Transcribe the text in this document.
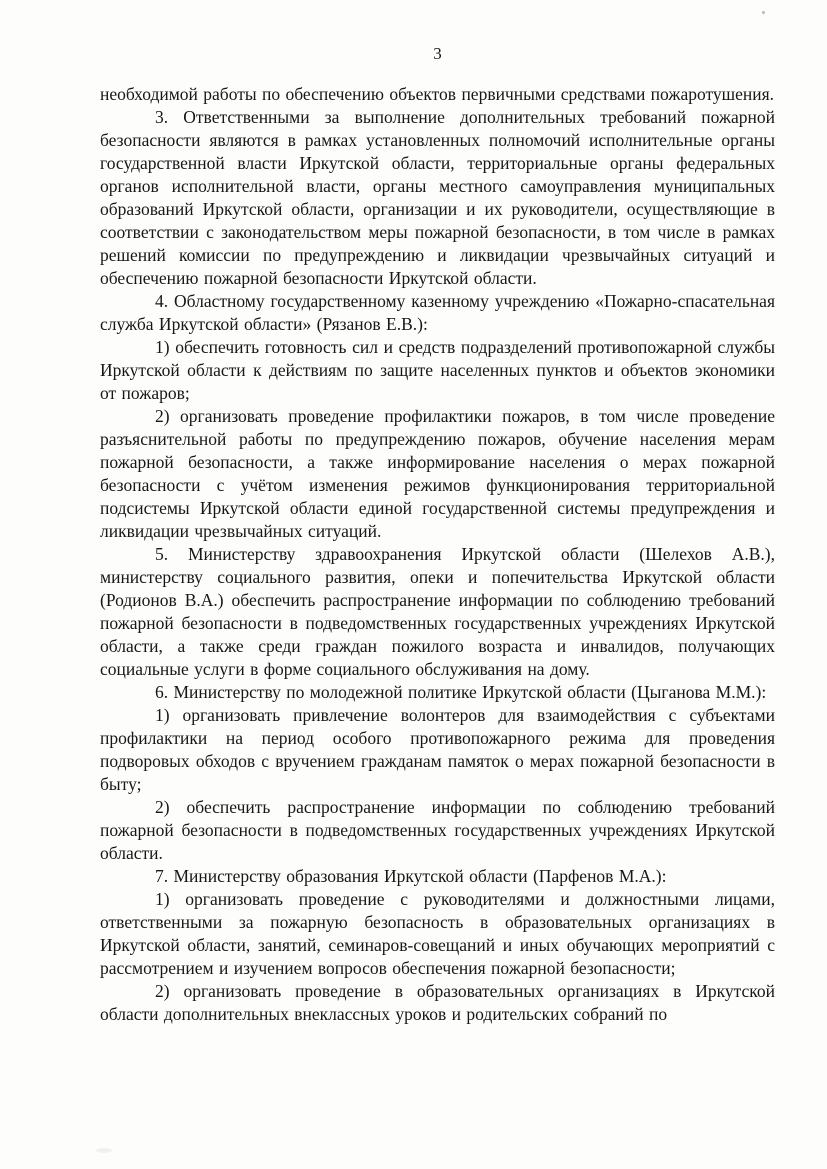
3

необходимой работы по обеспечению объектов первичными средствами пожаротушения.

3. Ответственными за выполнение дополнительных требований пожарной безопасности являются в рамках установленных полномочий исполнительные органы государственной власти Иркутской области, территориальные органы федеральных органов исполнительной власти, органы местного самоуправления муниципальных образований Иркутской области, организации и их руководители, осуществляющие в соответствии с законодательством меры пожарной безопасности, в том числе в рамках решений комиссии по предупреждению и ликвидации чрезвычайных ситуаций и обеспечению пожарной безопасности Иркутской области.

4. Областному государственному казенному учреждению «Пожарно-спасательная служба Иркутской области» (Рязанов Е.В.):

1) обеспечить готовность сил и средств подразделений противопожарной службы Иркутской области к действиям по защите населенных пунктов и объектов экономики от пожаров;

2) организовать проведение профилактики пожаров, в том числе проведение разъяснительной работы по предупреждению пожаров, обучение населения мерам пожарной безопасности, а также информирование населения о мерах пожарной безопасности с учётом изменения режимов функционирования территориальной подсистемы Иркутской области единой государственной системы предупреждения и ликвидации чрезвычайных ситуаций.

5. Министерству здравоохранения Иркутской области (Шелехов А.В.), министерству социального развития, опеки и попечительства Иркутской области (Родионов В.А.) обеспечить распространение информации по соблюдению требований пожарной безопасности в подведомственных государственных учреждениях Иркутской области, а также среди граждан пожилого возраста и инвалидов, получающих социальные услуги в форме социального обслуживания на дому.

6. Министерству по молодежной политике Иркутской области (Цыганова М.М.):

1) организовать привлечение волонтеров для взаимодействия с субъектами профилактики на период особого противопожарного режима для проведения подворовых обходов с вручением гражданам памяток о мерах пожарной безопасности в быту;

2) обеспечить распространение информации по соблюдению требований пожарной безопасности в подведомственных государственных учреждениях Иркутской области.

7. Министерству образования Иркутской области (Парфенов М.А.):

1) организовать проведение с руководителями и должностными лицами, ответственными за пожарную безопасность в образовательных организациях в Иркутской области, занятий, семинаров-совещаний и иных обучающих мероприятий с рассмотрением и изучением вопросов обеспечения пожарной безопасности;

2) организовать проведение в образовательных организациях в Иркутской области дополнительных внеклассных уроков и родительских собраний по
